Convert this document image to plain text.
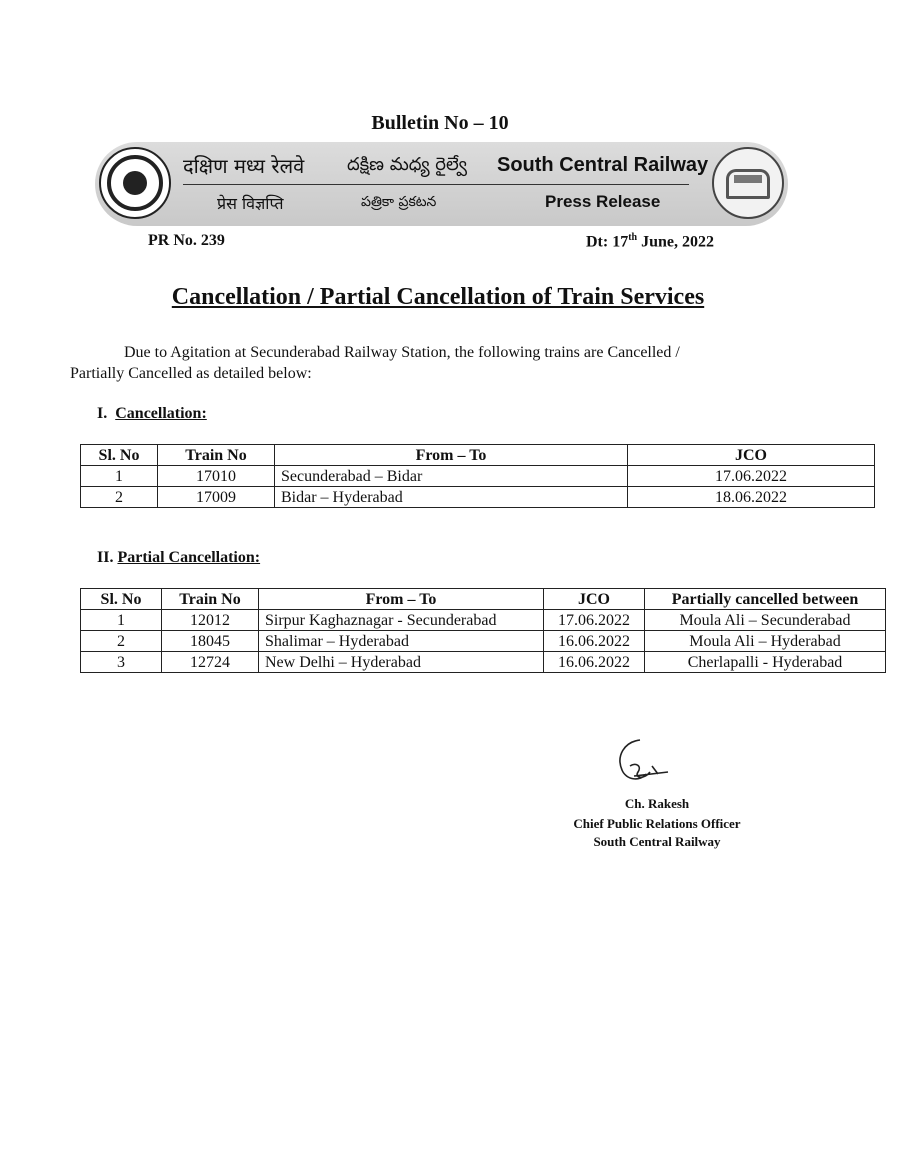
Bulletin No – 10
दक्षिण मध्य रेलवे దక్షిణ మధ్య రైల్వే South Central Railway
प्रेस विज्ञप्ति	పత్రికా ప్రకటన	Press Release
PR No. 239	Dt: 17th June, 2022
Cancellation / Partial Cancellation of Train Services
Due to Agitation at Secunderabad Railway Station, the following trains are Cancelled /
Partially Cancelled as detailed below:
I. Cancellation:
Sl. No	Train No	From – To	JCO
1	17010	Secunderabad – Bidar	17.06.2022
2	17009	Bidar – Hyderabad	18.06.2022
II. Partial Cancellation:
Sl. No	Train No	From – To	JCO	Partially cancelled between
1	12012	Sirpur Kaghaznagar - Secunderabad	17.06.2022	Moula Ali – Secunderabad
2	18045	Shalimar – Hyderabad	16.06.2022	Moula Ali – Hyderabad
3	12724	New Delhi – Hyderabad	16.06.2022	Cherlapalli - Hyderabad
Ch. Rakesh
Chief Public Relations Officer
South Central Railway
